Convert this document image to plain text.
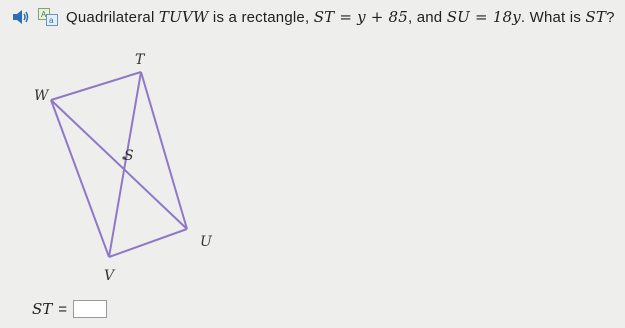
A
a Quadrilateral TUVW is a rectangle, ST = y + 85, and SU = 18y. What is ST?
T
W
S
U
V
ST =
